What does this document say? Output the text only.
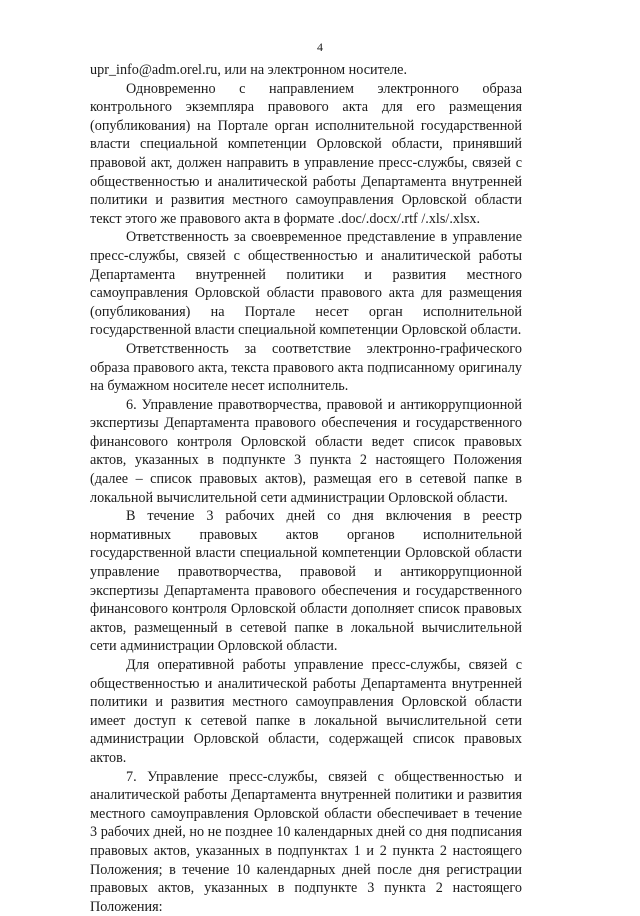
4

upr_info@adm.orel.ru, или на электронном носителе.

Одновременно с направлением электронного образа контрольного экземпляра правового акта для его размещения (опубликования) на Портале орган исполнительной государственной власти специальной компетенции Орловской области, принявший правовой акт, должен направить в управление пресс-службы, связей с общественностью и аналитической работы Департамента внутренней политики и развития местного самоуправления Орловской области текст этого же правового акта в формате .doc/.docx/.rtf /.xls/.xlsx.

Ответственность за своевременное представление в управление пресс-службы, связей с общественностью и аналитической работы Департамента внутренней политики и развития местного самоуправления Орловской области правового акта для размещения (опубликования) на Портале несет орган исполнительной государственной власти специальной компетенции Орловской области.

Ответственность за соответствие электронно-графического образа правового акта, текста правового акта подписанному оригиналу на бумажном носителе несет исполнитель.

6. Управление правотворчества, правовой и антикоррупционной экспертизы Департамента правового обеспечения и государственного финансового контроля Орловской области ведет список правовых актов, указанных в подпункте 3 пункта 2 настоящего Положения (далее – список правовых актов), размещая его в сетевой папке в локальной вычислительной сети администрации Орловской области.

В течение 3 рабочих дней со дня включения в реестр нормативных правовых актов органов исполнительной государственной власти специальной компетенции Орловской области управление правотворчества, правовой и антикоррупционной экспертизы Департамента правового обеспечения и государственного финансового контроля Орловской области дополняет список правовых актов, размещенный в сетевой папке в локальной вычислительной сети администрации Орловской области.

Для оперативной работы управление пресс-службы, связей с общественностью и аналитической работы Департамента внутренней политики и развития местного самоуправления Орловской области имеет доступ к сетевой папке в локальной вычислительной сети администрации Орловской области, содержащей список правовых актов.

7. Управление пресс-службы, связей с общественностью и аналитической работы Департамента внутренней политики и развития местного самоуправления Орловской области обеспечивает в течение 3 рабочих дней, но не позднее 10 календарных дней со дня подписания правовых актов, указанных в подпунктах 1 и 2 пункта 2 настоящего Положения; в течение 10 календарных дней после дня регистрации правовых актов, указанных в подпункте 3 пункта 2 настоящего Положения:
